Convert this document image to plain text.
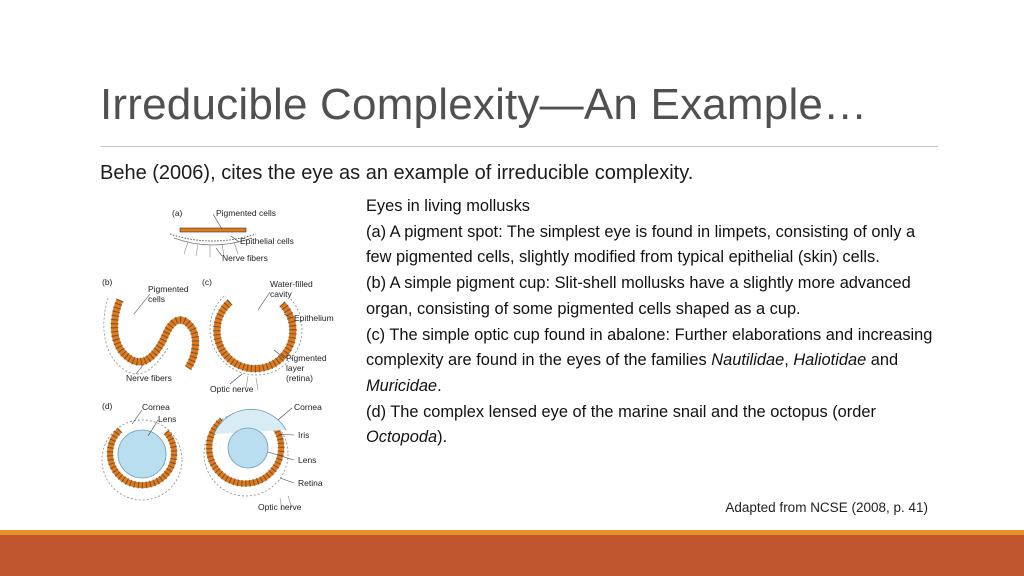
Irreducible Complexity—An Example…
Behe (2006), cites the eye as an example of irreducible complexity.
(a)	Pigmented cells
Epithelial cells
Nerve fibers
(b)
Pigmented
cells
Nerve fibers
(c)	Water-filled
cavity
Epithelium
Pigmented
layer
(retina)
Optic nerve
(d)	Cornea
Lens
Cornea
Iris
Lens
Retina
Optic nerve

Eyes in living mollusks

(a) A pigment spot: The simplest eye is found in limpets, consisting of only a few pigmented cells, slightly modified from typical epithelial (skin) cells.

(b) A simple pigment cup: Slit-shell mollusks have a slightly more advanced organ, consisting of some pigmented cells shaped as a cup.

(c) The simple optic cup found in abalone: Further elaborations and increasing complexity are found in the eyes of the families Nautilidae, Haliotidae and Muricidae.

(d) The complex lensed eye of the marine snail and the octopus (order Octopoda).

Adapted from NCSE (2008, p. 41)
